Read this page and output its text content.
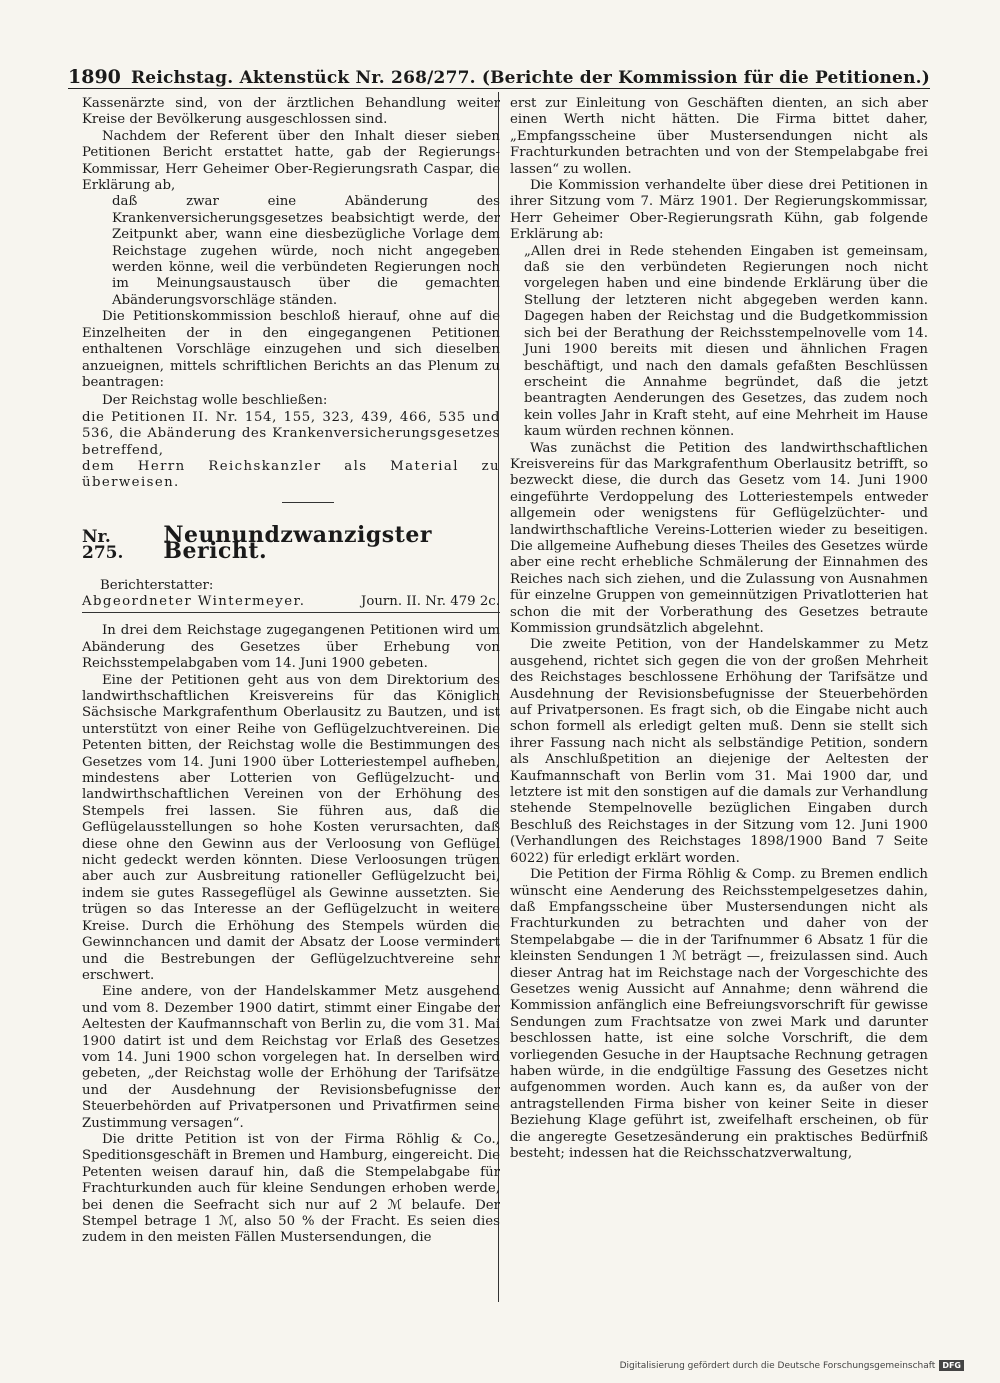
1890 Reichstag. Aktenstück Nr. 268/277. (Berichte der Kommission für die Petitionen.)

Kassenärzte sind, von der ärztlichen Behandlung weiter Kreise der Bevölkerung ausgeschlossen sind.

Nachdem der Referent über den Inhalt dieser sieben Petitionen Bericht erstattet hatte, gab der Regierungs-Kommissar, Herr Geheimer Ober-Regierungsrath Caspar, die Erklärung ab,

daß zwar eine Abänderung des Krankenversicherungsgesetzes beabsichtigt werde, der Zeitpunkt aber, wann eine diesbezügliche Vorlage dem Reichstage zugehen würde, noch nicht angegeben werden könne, weil die verbündeten Regierungen noch im Meinungsaustausch über die gemachten Abänderungsvorschläge ständen.

Die Petitionskommission beschloß hierauf, ohne auf die Einzelheiten der in den eingegangenen Petitionen enthaltenen Vorschläge einzugehen und sich dieselben anzueignen, mittels schriftlichen Berichts an das Plenum zu beantragen:

Der Reichstag wolle beschließen:

die Petitionen II. Nr. 154, 155, 323, 439, 466, 535 und 536, die Abänderung des Krankenversicherungsgesetzes betreffend,

dem Herrn Reichskanzler als Material zu überweisen.

Nr. 275.
Neunundzwanzigster Bericht.
Berichterstatter:
Abgeordneter Wintermeyer.	Journ. II. Nr. 479 2c.

In drei dem Reichstage zugegangenen Petitionen wird um Abänderung des Gesetzes über Erhebung von Reichsstempelabgaben vom 14. Juni 1900 gebeten.

Eine der Petitionen geht aus von dem Direktorium des landwirthschaftlichen Kreisvereins für das Königlich Sächsische Markgrafenthum Oberlausitz zu Bautzen, und ist unterstützt von einer Reihe von Geflügelzuchtvereinen. Die Petenten bitten, der Reichstag wolle die Bestimmungen des Gesetzes vom 14. Juni 1900 über Lotteriestempel aufheben, mindestens aber Lotterien von Geflügelzucht- und landwirthschaftlichen Vereinen von der Erhöhung des Stempels frei lassen. Sie führen aus, daß die Geflügelausstellungen so hohe Kosten verursachten, daß diese ohne den Gewinn aus der Verloosung von Geflügel nicht gedeckt werden könnten. Diese Verloosungen trügen aber auch zur Ausbreitung rationeller Geflügelzucht bei, indem sie gutes Rassegeflügel als Gewinne aussetzten. Sie trügen so das Interesse an der Geflügelzucht in weitere Kreise. Durch die Erhöhung des Stempels würden die Gewinnchancen und damit der Absatz der Loose vermindert und die Bestrebungen der Geflügelzuchtvereine sehr erschwert.

Eine andere, von der Handelskammer Metz ausgehend und vom 8. Dezember 1900 datirt, stimmt einer Eingabe der Aeltesten der Kaufmannschaft von Berlin zu, die vom 31. Mai 1900 datirt ist und dem Reichstag vor Erlaß des Gesetzes vom 14. Juni 1900 schon vorgelegen hat. In derselben wird gebeten, „der Reichstag wolle der Erhöhung der Tarifsätze und der Ausdehnung der Revisionsbefugnisse der Steuerbehörden auf Privatpersonen und Privatfirmen seine Zustimmung versagen“.

Die dritte Petition ist von der Firma Röhlig & Co., Speditionsgeschäft in Bremen und Hamburg, eingereicht. Die Petenten weisen darauf hin, daß die Stempelabgabe für Frachturkunden auch für kleine Sendungen erhoben werde, bei denen die Seefracht sich nur auf 2 ℳ belaufe. Der Stempel betrage 1 ℳ, also 50 % der Fracht. Es seien dies zudem in den meisten Fällen Mustersendungen, die

erst zur Einleitung von Geschäften dienten, an sich aber einen Werth nicht hätten. Die Firma bittet daher, „Empfangsscheine über Mustersendungen nicht als Frachturkunden betrachten und von der Stempelabgabe frei lassen“ zu wollen.

Die Kommission verhandelte über diese drei Petitionen in ihrer Sitzung vom 7. März 1901. Der Regierungskommissar, Herr Geheimer Ober-Regierungsrath Kühn, gab folgende Erklärung ab:

„Allen drei in Rede stehenden Eingaben ist gemeinsam, daß sie den verbündeten Regierungen noch nicht vorgelegen haben und eine bindende Erklärung über die Stellung der letzteren nicht abgegeben werden kann. Dagegen haben der Reichstag und die Budgetkommission sich bei der Berathung der Reichsstempelnovelle vom 14. Juni 1900 bereits mit diesen und ähnlichen Fragen beschäftigt, und nach den damals gefaßten Beschlüssen erscheint die Annahme begründet, daß die jetzt beantragten Aenderungen des Gesetzes, das zudem noch kein volles Jahr in Kraft steht, auf eine Mehrheit im Hause kaum würden rechnen können.

Was zunächst die Petition des landwirthschaftlichen Kreisvereins für das Markgrafenthum Oberlausitz betrifft, so bezweckt diese, die durch das Gesetz vom 14. Juni 1900 eingeführte Verdoppelung des Lotteriestempels entweder allgemein oder wenigstens für Geflügelzüchter- und landwirthschaftliche Vereins-Lotterien wieder zu beseitigen. Die allgemeine Aufhebung dieses Theiles des Gesetzes würde aber eine recht erhebliche Schmälerung der Einnahmen des Reiches nach sich ziehen, und die Zulassung von Ausnahmen für einzelne Gruppen von gemeinnützigen Privatlotterien hat schon die mit der Vorberathung des Gesetzes betraute Kommission grundsätzlich abgelehnt.

Die zweite Petition, von der Handelskammer zu Metz ausgehend, richtet sich gegen die von der großen Mehrheit des Reichstages beschlossene Erhöhung der Tarifsätze und Ausdehnung der Revisionsbefugnisse der Steuerbehörden auf Privatpersonen. Es fragt sich, ob die Eingabe nicht auch schon formell als erledigt gelten muß. Denn sie stellt sich ihrer Fassung nach nicht als selbständige Petition, sondern als Anschlußpetition an diejenige der Aeltesten der Kaufmannschaft von Berlin vom 31. Mai 1900 dar, und letztere ist mit den sonstigen auf die damals zur Verhandlung stehende Stempelnovelle bezüglichen Eingaben durch Beschluß des Reichstages in der Sitzung vom 12. Juni 1900 (Verhandlungen des Reichstages 1898/1900 Band 7 Seite 6022) für erledigt erklärt worden.

Die Petition der Firma Röhlig & Comp. zu Bremen endlich wünscht eine Aenderung des Reichsstempelgesetzes dahin, daß Empfangsscheine über Mustersendungen nicht als Frachturkunden zu betrachten und daher von der Stempelabgabe — die in der Tarifnummer 6 Absatz 1 für die kleinsten Sendungen 1 ℳ beträgt —, freizulassen sind. Auch dieser Antrag hat im Reichstage nach der Vorgeschichte des Gesetzes wenig Aussicht auf Annahme; denn während die Kommission anfänglich eine Befreiungsvorschrift für gewisse Sendungen zum Frachtsatze von zwei Mark und darunter beschlossen hatte, ist eine solche Vorschrift, die dem vorliegenden Gesuche in der Hauptsache Rechnung getragen haben würde, in die endgültige Fassung des Gesetzes nicht aufgenommen worden. Auch kann es, da außer von der antragstellenden Firma bisher von keiner Seite in dieser Beziehung Klage geführt ist, zweifelhaft erscheinen, ob für die angeregte Gesetzesänderung ein praktisches Bedürfniß besteht; indessen hat die Reichsschatzverwaltung,

Digitalisierung gefördert durch die Deutsche Forschungsgemeinschaft DFG
